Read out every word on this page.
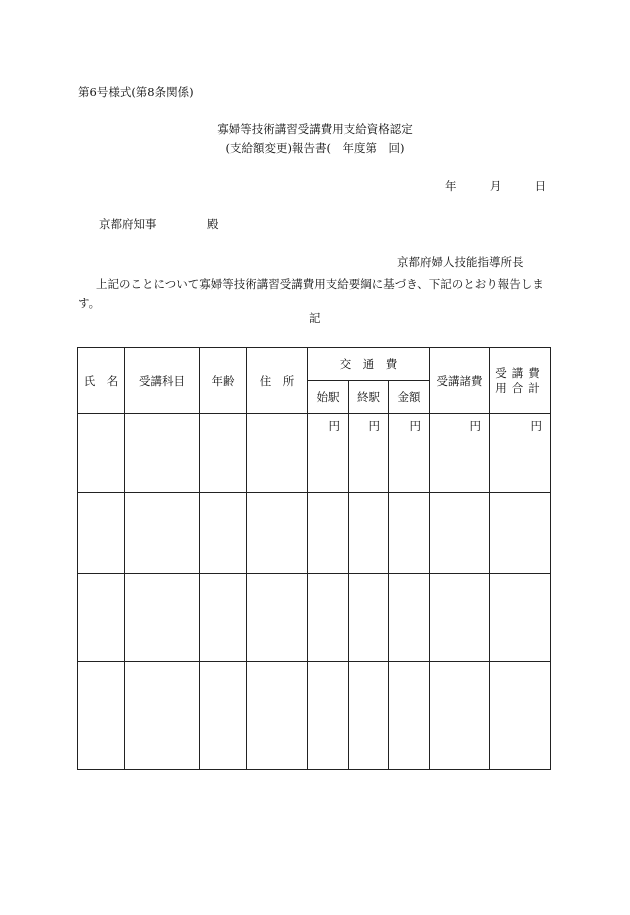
第6号様式(第8条関係)
寡婦等技術講習受講費用支給資格認定
(支給額変更)報告書(　年度第　回)
年	月	日
京都府知事	殿
京都府婦人技能指導所長
上記のことについて寡婦等技術講習受講費用支給要綱に基づき、下記のとおり報告します。
記
氏　名	受講科目	年齢	住　所	交　通　費			受講諸費	受講費
用合計
				始駅	終駅	金額		
				円	円	円	円	円
